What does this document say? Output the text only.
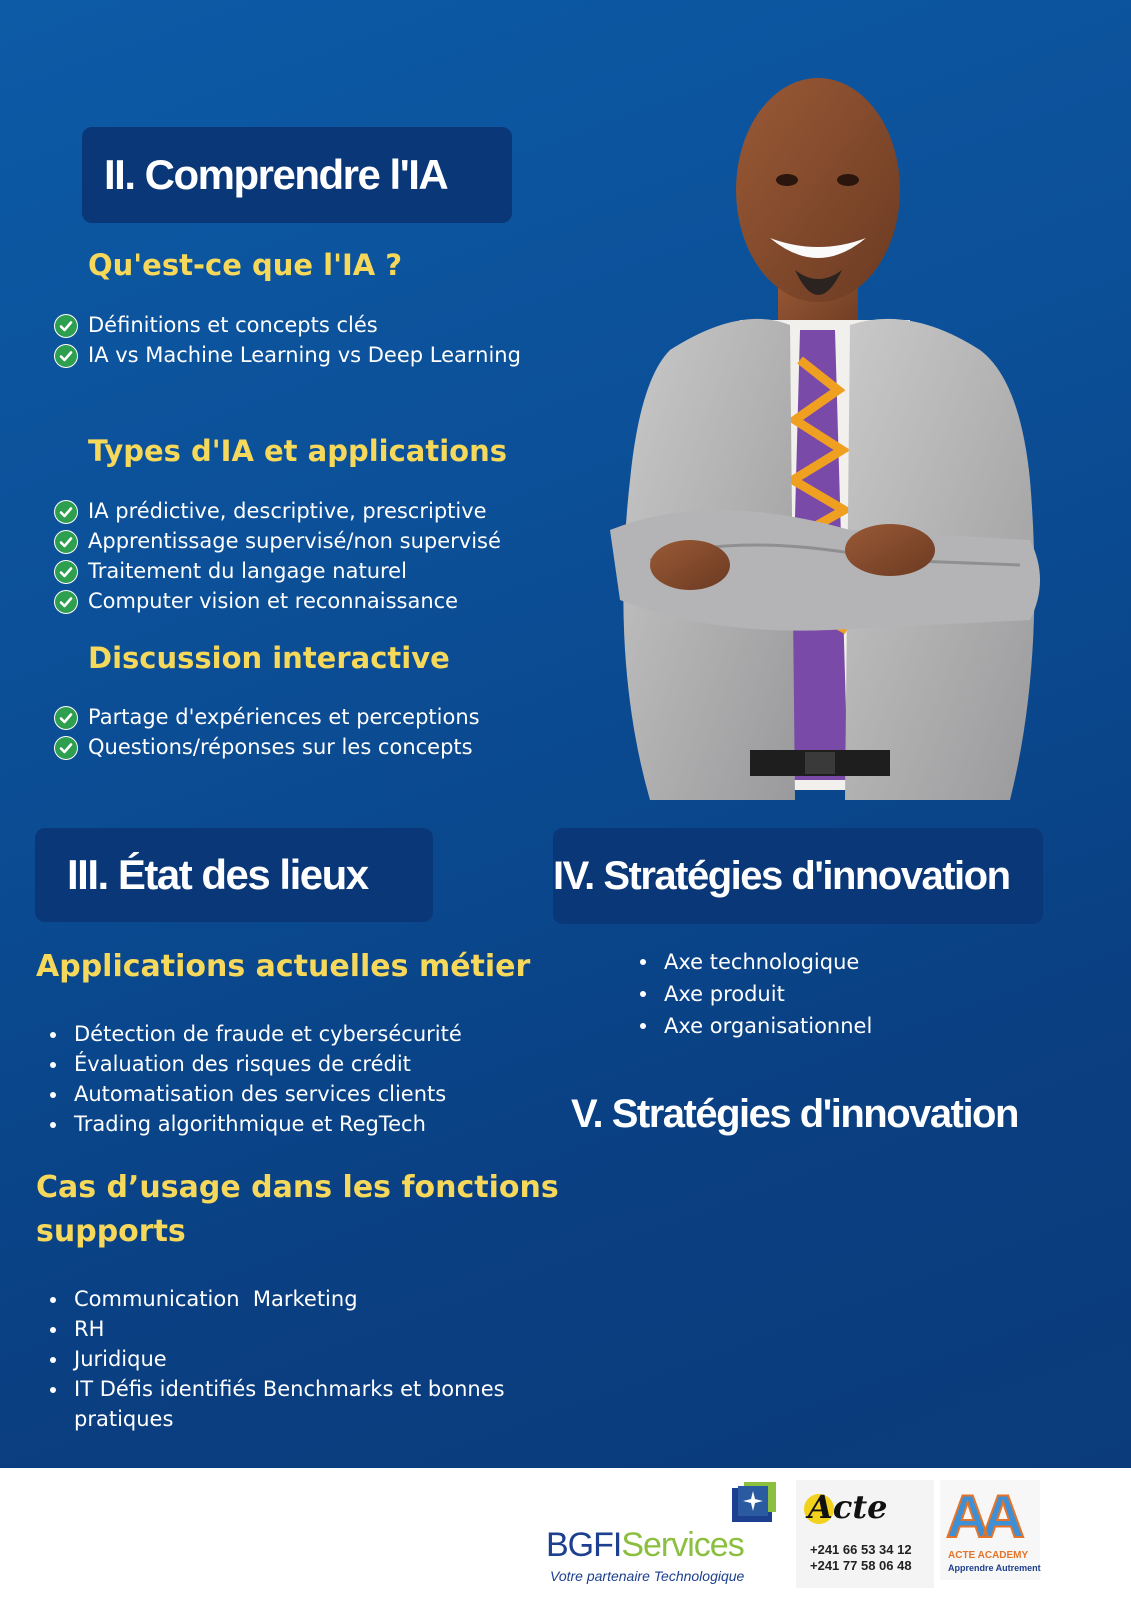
II. Comprendre l'IA
Qu'est-ce que l'IA ?
Définitions et concepts clés
IA vs Machine Learning vs Deep Learning
Types d'IA et applications
IA prédictive, descriptive, prescriptive
Apprentissage supervisé/non supervisé
Traitement du langage naturel
Computer vision et reconnaissance
Discussion interactive
Partage d'expériences et perceptions
Questions/réponses sur les concepts
III. État des lieux
Applications actuelles métier
Détection de fraude et cybersécurité
Évaluation des risques de crédit
Automatisation des services clients
Trading algorithmique et RegTech
Cas d’usage dans les fonctions
supports
Communication  Marketing
RH
Juridique
IT Défis identifiés Benchmarks et bonnes pratiques
IV. Stratégies d'innovation
Axe technologique
Axe produit
Axe organisationnel
V. Stratégies d'innovation
BGFIServices
Votre partenaire Technologique
Acte
+241 66 53 34 12
+241 77 58 06 48
AA
ACTE ACADEMY
Apprendre Autrement
